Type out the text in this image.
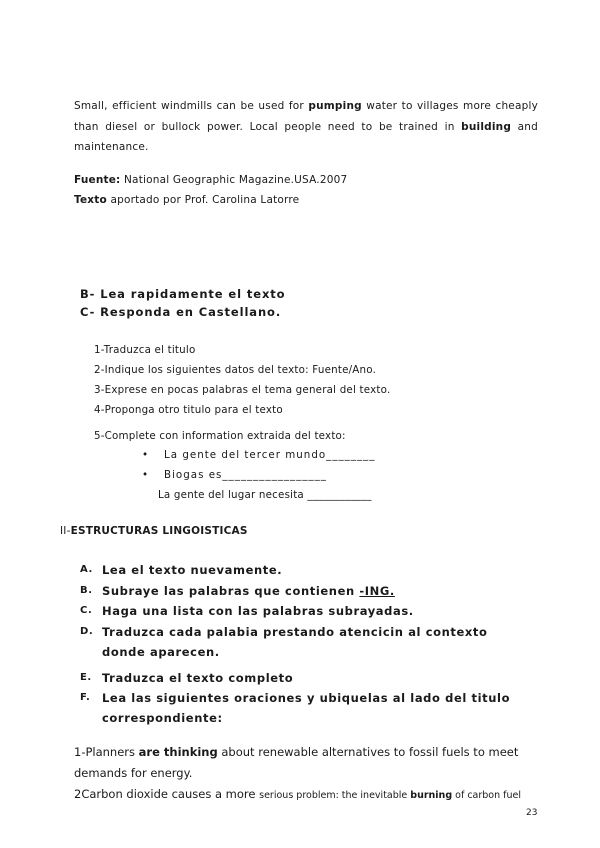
Small, efficient windmills can be used for pumping water to villages more cheaply than diesel or bullock power. Local people need to be trained in building and maintenance.
Fuente: National Geographic Magazine.USA.2007
Texto aportado por Prof. Carolina Latorre
B- Lea rapidamente el texto
C- Responda en Castellano.
1-Traduzca el titulo
2-Indique los siguientes datos del texto: Fuente/Ano.
3-Exprese en pocas palabras el tema general del texto.
4-Proponga otro titulo para el texto
5-Complete con information extraida del texto:
• La gente del tercer mundo________
• Biogas es_________________
La gente del lugar necesita ____________
II-ESTRUCTURAS LINGOISTICAS
A. Lea el texto nuevamente.
B. Subraye las palabras que contienen -ING.
C. Haga una lista con las palabras subrayadas.
D. Traduzca cada palabia prestando atencicin al contexto donde aparecen.
E. Traduzca el texto completo
F.	Lea las siguientes oraciones y ubiquelas al lado del titulo correspondiente:
1-Planners are thinking about renewable alternatives to fossil fuels to meet demands for energy.
2Carbon dioxide causes a more serious problem: the inevitable burning of carbon fuel
23
